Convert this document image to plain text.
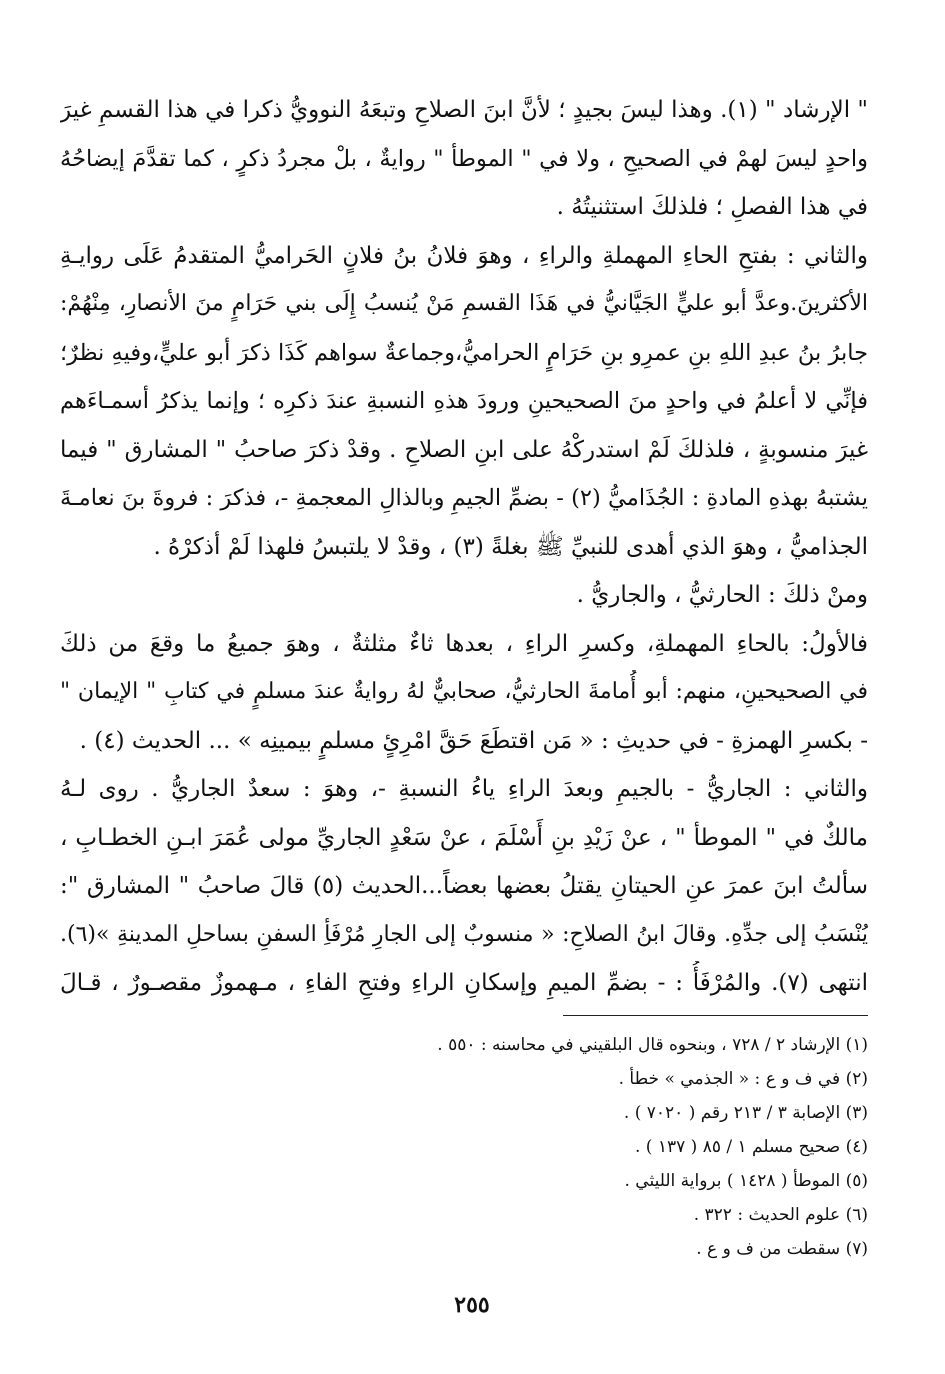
" الإرشاد " (١). وهذا ليسَ بجيدٍ ؛ لأنَّ ابنَ الصلاحِ وتبعَهُ النوويُّ ذكرا في هذا القسمِ غيرَ
واحدٍ ليسَ لهمْ في الصحيحِ ، ولا في " الموطأ " روايةٌ ، بلْ مجردُ ذكرٍ ، كما تقدَّمَ إيضاحُهُ
في هذا الفصلِ ؛ فلذلكَ استثنيتُهُ .
والثاني : بفتحِ الحاءِ المهملةِ والراءِ ، وهوَ فلانُ بنُ فلانٍ الحَراميُّ المتقدمُ عَلَى روايـةِ
الأكثرينَ.وعدَّ أبو عليٍّ الجَيَّانيُّ في هَذَا القسمِ مَنْ يُنسبُ إِلَى بني حَرَامٍ منَ الأنصارِ، مِنْهُمْ:
جابرُ بنُ عبدِ اللهِ بنِ عمرِو بنِ حَرَامٍ الحراميُّ،وجماعةٌ سواهم كَذَا ذكرَ أبو عليٍّ،وفيهِ نظرٌ؛
فإنِّي لا أعلمُ في واحدٍ منَ الصحيحينِ ورودَ هذهِ النسبةِ عندَ ذكرِه ؛ وإنما يذكرُ أسمـاءَهم
غيرَ منسوبةٍ ، فلذلكَ لَمْ استدركْهُ على ابنِ الصلاحِ . وقدْ ذكرَ صاحبُ " المشارق " فيما
يشتبهُ بهذهِ المادةِ : الجُذَاميُّ (٢) - بضمِّ الجيمِ وبالذالِ المعجمةِ -، فذكرَ : فروةَ بنَ نعامـةَ
الجذاميُّ ، وهوَ الذي أهدى للنبيِّ ﷺ بغلةً (٣) ، وقدْ لا يلتبسُ فلهذا لَمْ أذكرْهُ .
ومنْ ذلكَ : الحارثيُّ ، والجاريُّ .
فالأولُ: بالحاءِ المهملةِ، وكسرِ الراءِ ، بعدها ثاءٌ مثلثةٌ ، وهوَ جميعُ ما وقعَ من ذلكَ
في الصحيحينِ، منهم: أبو أُمامةَ الحارثيُّ، صحابيٌّ لهُ روايةٌ عندَ مسلمٍ في كتابِ " الإيمان "
- بكسرِ الهمزةِ - في حديثِ : « مَن اقتطَعَ حَقَّ امْرِئٍ مسلمٍ بيمينِه » ... الحديث (٤) .
والثاني : الجاريُّ - بالجيمِ وبعدَ الراءِ ياءُ النسبةِ -، وهوَ : سعدٌ الجاريُّ . روى لـهُ
مالكٌ في " الموطأ " ، عنْ زَيْدِ بنِ أَسْلَمَ ، عنْ سَعْدٍ الجاريِّ مولى عُمَرَ ابـنِ الخطـابِ ،
سألتُ ابنَ عمرَ عنِ الحيتانِ يقتلُ بعضها بعضاً...الحديث (٥) قالَ صاحبُ " المشارق ":
يُنْسَبُ إلى جدِّهِ. وقالَ ابنُ الصلاحِ: « منسوبٌ إلى الجارِ مُرْفَأِ السفنِ بساحلِ المدينةِ »(٦).
انتهى (٧). والمُرْفَأُ : - بضمِّ الميمِ وإسكانِ الراءِ وفتحِ الفاءِ ، مـهموزٌ مقصـورٌ ، قـالَ
(١) الإرشاد ٢ / ٧٢٨ ، وبنحوه قال البلقيني في محاسنه : ٥٥٠ .
(٢) في ف و ع : « الجذمي » خطأ .
(٣) الإصابة ٣ / ٢١٣ رقم ( ٧٠٢٠ ) .
(٤) صحيح مسلم ١ / ٨٥ ( ١٣٧ ) .
(٥) الموطأ ( ١٤٢٨ ) برواية الليثي .
(٦) علوم الحديث : ٣٢٢ .
(٧) سقطت من ف و ع .
٢٥٥
